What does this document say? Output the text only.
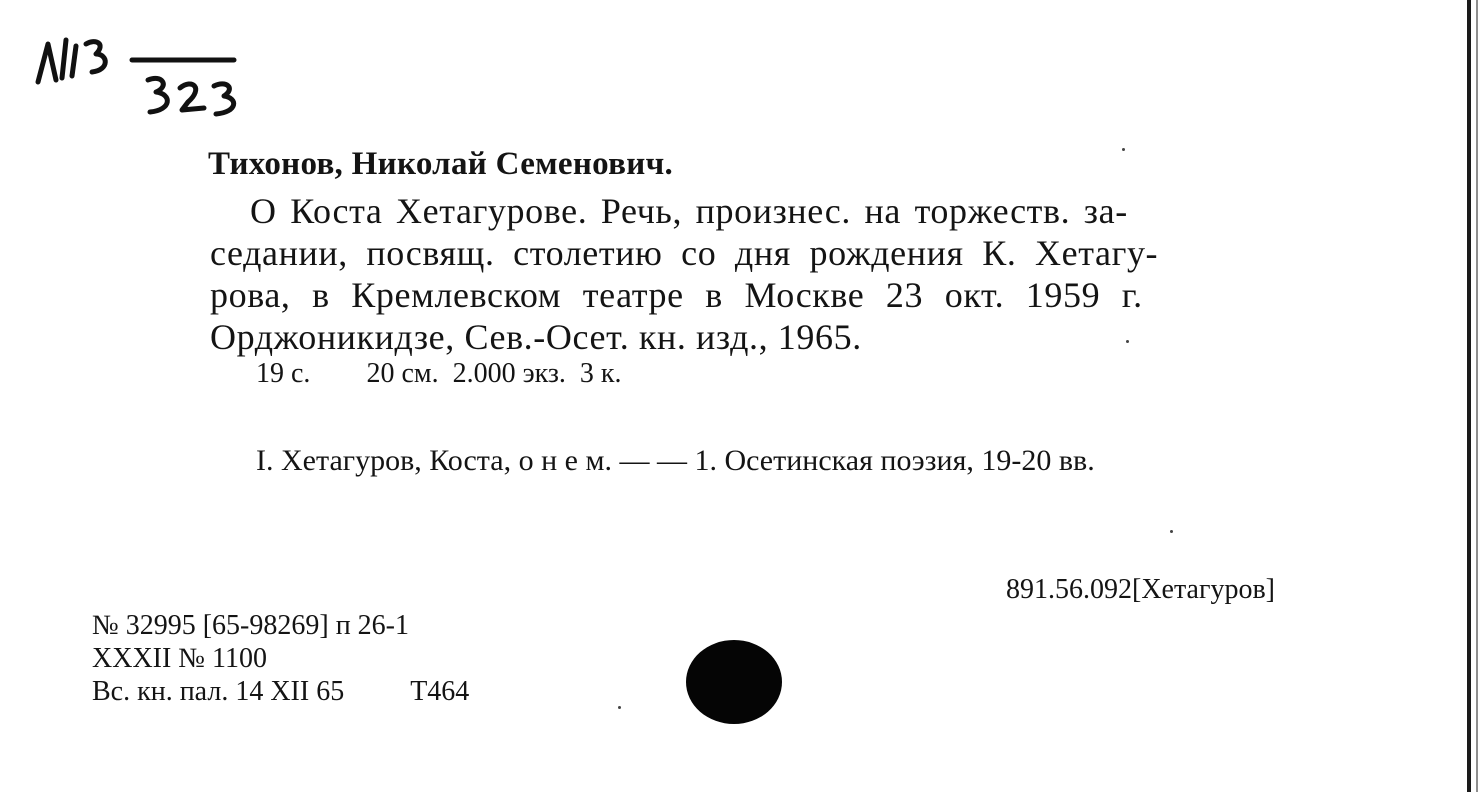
Тихонов, Николай Семенович.
О Коста Хетагурове. Речь, произнес. на торжеств. за-
седании, посвящ. столетию со дня рождения К. Хетагу-
рова, в Кремлевском театре в Москве 23 окт. 1959 г.
Орджоникидзе, Сев.-Осет. кн. изд., 1965.
19 с. 20 см. 2.000 экз. 3 к.
I. Хетагуров, Коста, о н е м. — — 1. Осетинская поэзия, 19-20 вв.
891.56.092[Хетагуров]
№ 32995 [65-98269] п 26-1
XXXII № 1100
Вс. кн. пал. 14 XII 65 Т464
